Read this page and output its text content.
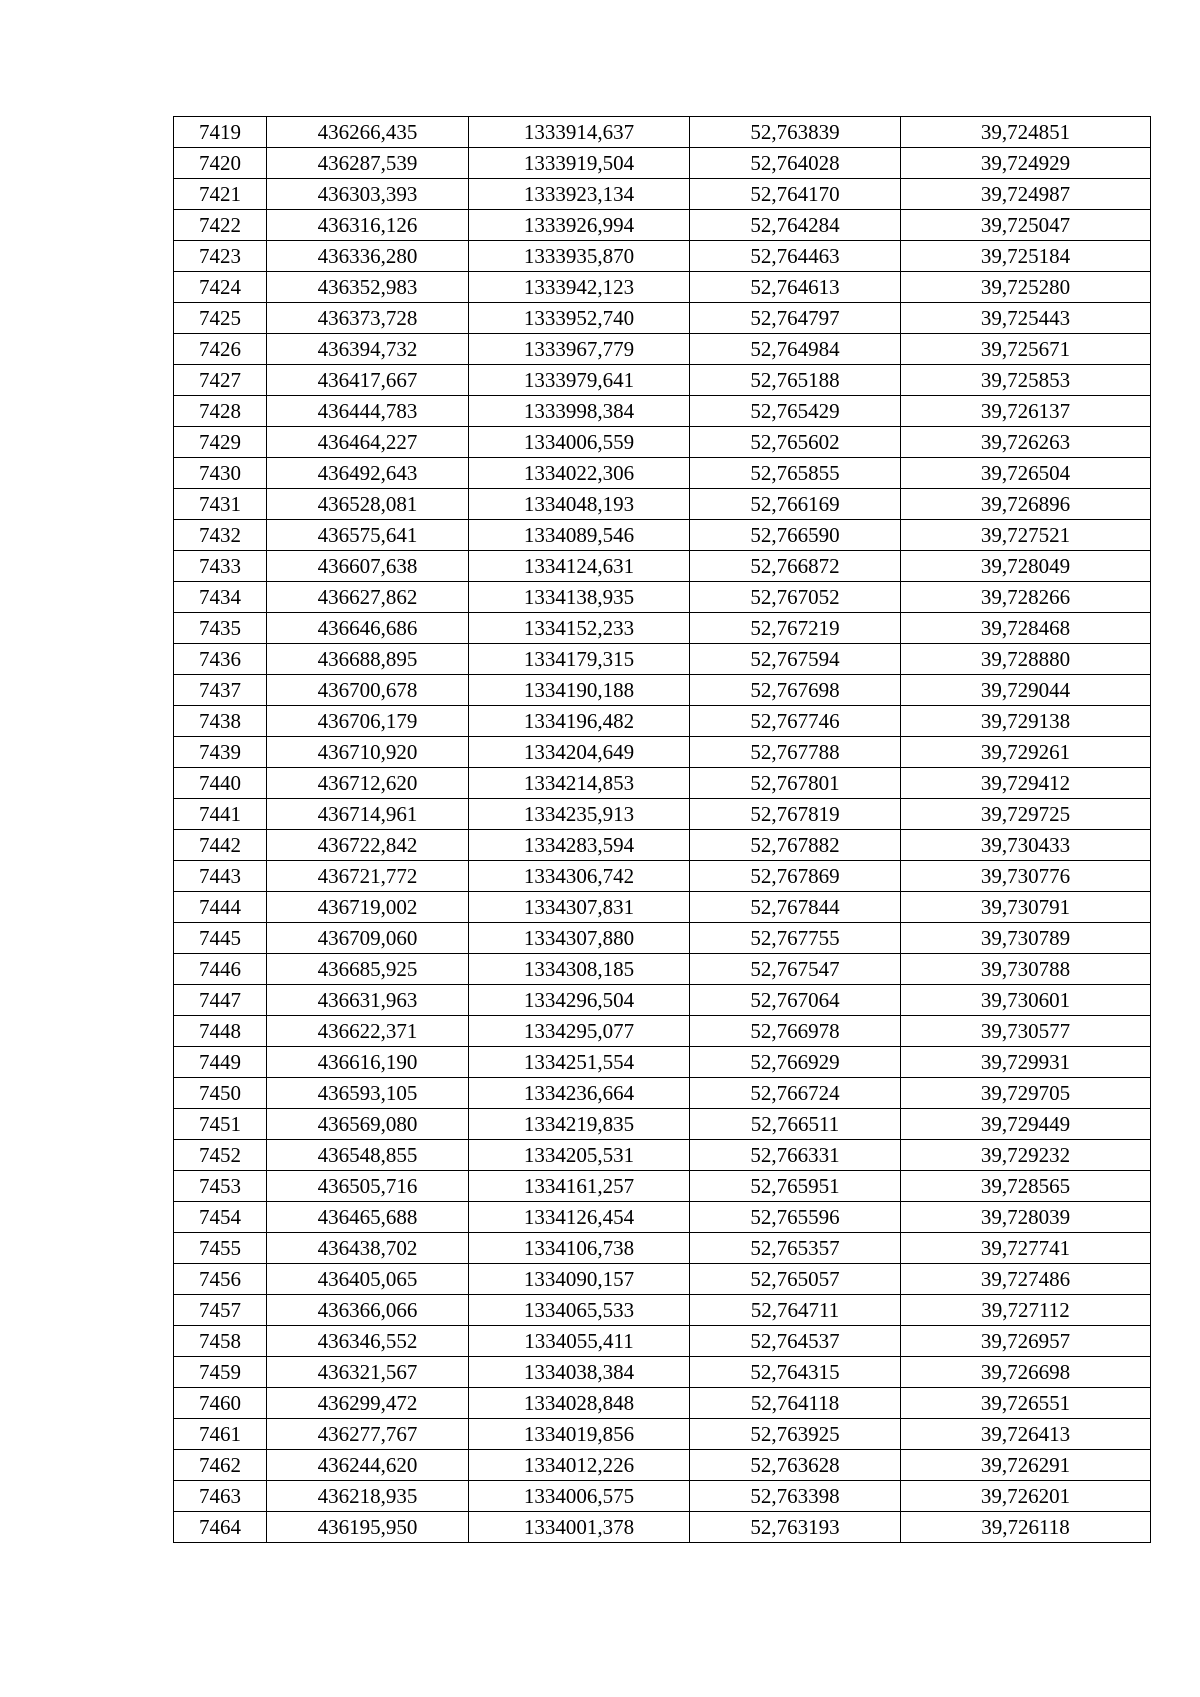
7419	436266,435	1333914,637	52,763839	39,724851
7420	436287,539	1333919,504	52,764028	39,724929
7421	436303,393	1333923,134	52,764170	39,724987
7422	436316,126	1333926,994	52,764284	39,725047
7423	436336,280	1333935,870	52,764463	39,725184
7424	436352,983	1333942,123	52,764613	39,725280
7425	436373,728	1333952,740	52,764797	39,725443
7426	436394,732	1333967,779	52,764984	39,725671
7427	436417,667	1333979,641	52,765188	39,725853
7428	436444,783	1333998,384	52,765429	39,726137
7429	436464,227	1334006,559	52,765602	39,726263
7430	436492,643	1334022,306	52,765855	39,726504
7431	436528,081	1334048,193	52,766169	39,726896
7432	436575,641	1334089,546	52,766590	39,727521
7433	436607,638	1334124,631	52,766872	39,728049
7434	436627,862	1334138,935	52,767052	39,728266
7435	436646,686	1334152,233	52,767219	39,728468
7436	436688,895	1334179,315	52,767594	39,728880
7437	436700,678	1334190,188	52,767698	39,729044
7438	436706,179	1334196,482	52,767746	39,729138
7439	436710,920	1334204,649	52,767788	39,729261
7440	436712,620	1334214,853	52,767801	39,729412
7441	436714,961	1334235,913	52,767819	39,729725
7442	436722,842	1334283,594	52,767882	39,730433
7443	436721,772	1334306,742	52,767869	39,730776
7444	436719,002	1334307,831	52,767844	39,730791
7445	436709,060	1334307,880	52,767755	39,730789
7446	436685,925	1334308,185	52,767547	39,730788
7447	436631,963	1334296,504	52,767064	39,730601
7448	436622,371	1334295,077	52,766978	39,730577
7449	436616,190	1334251,554	52,766929	39,729931
7450	436593,105	1334236,664	52,766724	39,729705
7451	436569,080	1334219,835	52,766511	39,729449
7452	436548,855	1334205,531	52,766331	39,729232
7453	436505,716	1334161,257	52,765951	39,728565
7454	436465,688	1334126,454	52,765596	39,728039
7455	436438,702	1334106,738	52,765357	39,727741
7456	436405,065	1334090,157	52,765057	39,727486
7457	436366,066	1334065,533	52,764711	39,727112
7458	436346,552	1334055,411	52,764537	39,726957
7459	436321,567	1334038,384	52,764315	39,726698
7460	436299,472	1334028,848	52,764118	39,726551
7461	436277,767	1334019,856	52,763925	39,726413
7462	436244,620	1334012,226	52,763628	39,726291
7463	436218,935	1334006,575	52,763398	39,726201
7464	436195,950	1334001,378	52,763193	39,726118
